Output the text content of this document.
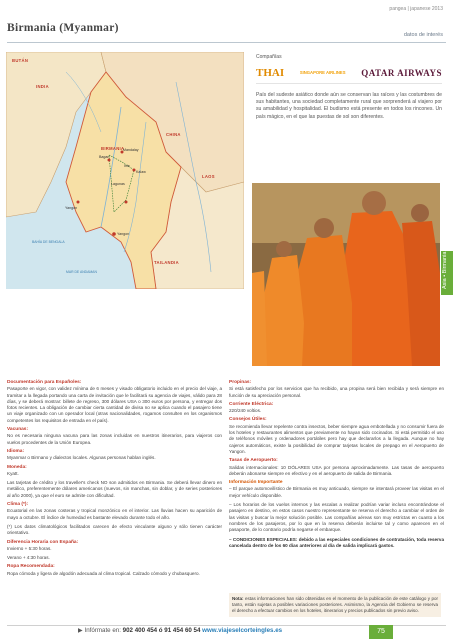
pangea | japanese 2013
Birmania (Myanmar)
datos de interés
BUTÁN
INDIA
CHINA
BIRMANIA
LAOS
TAILANDIA
Mandalay
Bagan
Inle
Lagunas
Yangon
Yangon
Kalaw
BAHÍA DE BENGALA
MAR DE ANDAMAN
Compañías
THAI	SINGAPORE AIRLINES QATAR AIRWAYS
País del sudeste asiático donde aún se conservan las raíces y las costumbres de sus habitantes, una sociedad completamente rural que sorprenderá al viajero por su amabilidad y hospitalidad. El budismo está presente en todos los rincones. Un país mágico, en el que las puestas de sol son diferentes.
Asia • Birmania
Documentación para Españoles:

Pasaporte en vigor, con validez mínima de 6 meses y visado obligatorio incluido en el precio del viaje, a tramitar a la llegada portando una carta de invitación que le facilitará su agencia de viajes, válido para 28 días, y se deberá mostrar: billete de regreso, 300 dólares USA o 300 euros por persona, y entregar dos fotos recientes. La obligación de cambiar cierta cantidad de divisa no se aplica cuando el pasajero tiene un viaje organizado con un operador local (otras nacionalidades, rogamos consulten en los organismos competentes los requisitos de entrada en el país).

Vacunas:

No es necesaria ninguna vacuna para las zonas incluidas en nuestros itinerarios, para viajeros con vuelos procedentes de la Unión Europea.

Idioma:

Myanmar o Birmano y dialectos locales. Algunas personas hablan inglés.

Moneda:

Kyatt.

Las tarjetas de crédito y los traveller's check NO son admitidos en Birmania. Se deberá llevar dinero en metálico, preferentemente dólares americanos (nuevos, sin manchas, sin doblar, y de series posteriores al año 2000), ya que el euro se admite con dificultad.

Clima (*):

Ecuatorial en las zonas costeras y tropical monzónico en el interior. Las lluvias hacen su aparición de mayo a octubre. El índice de humedad es bastante elevado durante todo el año.

(*) Los datos climatológicos facilitados carecen de efecto vinculante alguno y sólo tienen carácter orientativo.

Diferencia Horaria con España:

Invierno + 5:30 horas.

Verano + 4:30 horas.

Ropa Recomendada:

Ropa cómoda y ligera de algodón adecuada al clima tropical. Calzado cómodo y chubasquero.

Propinas:

Si está satisfecho por los servicios que ha recibido, una propina será bien recibida y será siempre en función de su apreciación personal.

Corriente Eléctrica:

220/240 voltios.

Consejos Útiles:

Se recomienda llevar repelente contra insectos, beber siempre agua embotellada y no consumir fuera de los hoteles y restaurantes alimentos que previamente no hayan sido cocinados. Si está permitido el uso de teléfonos móviles y ordenadores portátiles pero hay que declararlos a la llegada. Aunque no hay cajeros automáticos, existe la posibilidad de comprar tarjetas locales de prepago en el Aeropuerto de Yangon.

Tasas de Aeropuerto:

Salidas internacionales: 10 DÓLARES USA por persona aproximadamente. Las tasas de aeropuerto deberán abonarse siempre en efectivo y en el aeropuerto de salida de Birmania.

Información Importante

– El parque automovilístico de Birmania es muy anticuado, siempre se intentará proveer las visitas en el mejor vehículo disponible.

– Los horarios de los vuelos internos y las escalas a realizar podrían variar incluso encontrándose el pasajero en destino, en estos casos nuestro representante se reserva el derecho a cambiar el orden de las visitas y buscar la mejor solución posible. Las compañías aéreas son muy estrictas en cuanto a los nombres de los pasajeros, por lo que en la reserva deberán incluirse tal y como aparecen en el pasaporte, de lo contrario podría negarse el embarque.

– CONDICIONES ESPECIALES: debido a las especiales condiciones de contratación, toda reserva cancelada dentro de los 60 días anteriores al día de salida implicará gastos.

Nota: estas informaciones han sido obtenidas en el momento de la publicación de este catálogo y por tanto, están sujetas a posibles variaciones posteriores. Asimismo, la Agencia del Gobierno se reserva el derecho a efectuar cambios en los hoteles, itinerarios y precios publicados sin previo aviso.
▶ Infórmate en: 902 400 454 ó 91 454 60 54 www.viajeselcorteingles.es	75
